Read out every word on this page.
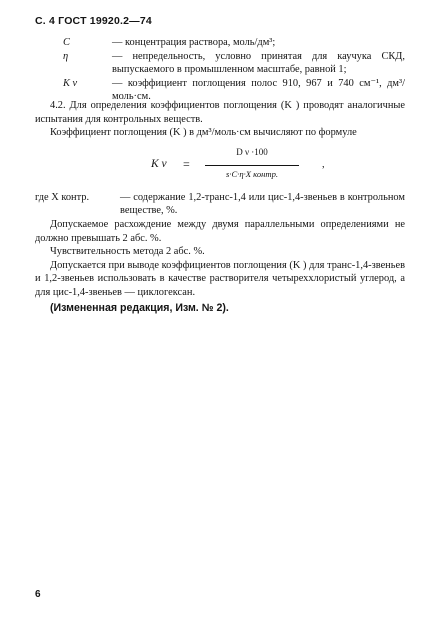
С. 4 ГОСТ 19920.2—74
С	— концентрация раствора, моль/дм³;
η	— непредельность, условно принятая для каучука СКД, выпускаемого в промышленном масштабе, равной 1;
K ν	— коэффициент поглощения полос 910, 967 и 740 см⁻¹, дм³/моль·см.

4.2. Для определения коэффициентов поглощения (K ) проводят аналогичные испытания для контрольных веществ.

Коэффициент поглощения (K ) в дм³/моль·см вычисляют по формуле

K ν =
D ν ·100
s·C·η·X контр.
,
где X контр.	— содержание 1,2-транс-1,4 или цис-1,4-звеньев в контрольном веществе, %.

Допускаемое расхождение между двумя параллельными определениями не должно превышать 2 абс. %.

Чувствительность метода 2 абс. %.

Допускается при выводе коэффициентов поглощения (K ) для транс-1,4-звеньев и 1,2-звеньев использовать в качестве растворителя четыреххлористый углерод, а для цис-1,4-звеньев — циклогексан.

(Измененная редакция, Изм. № 2).

6
